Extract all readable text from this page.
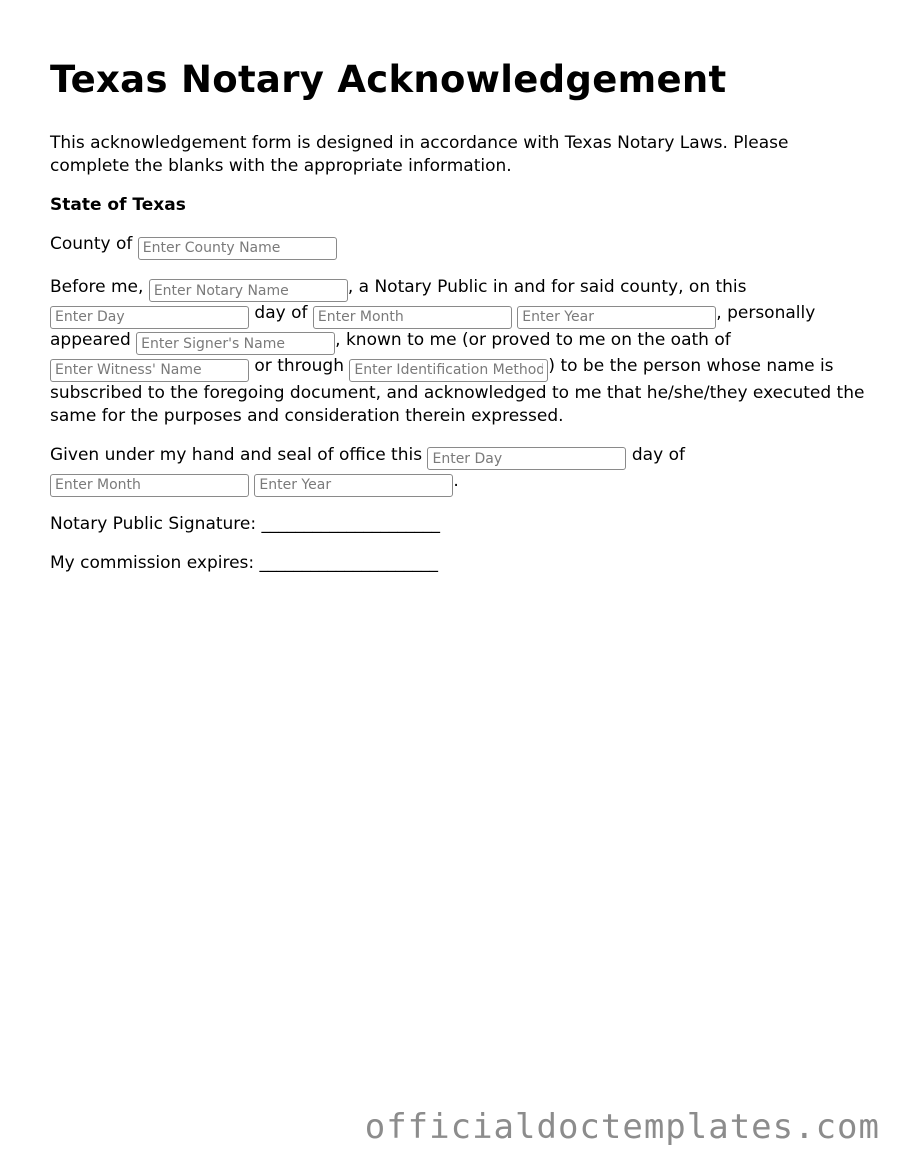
Texas Notary Acknowledgement

This acknowledgement form is designed in accordance with Texas Notary Laws. Please complete the blanks with the appropriate information.

State of Texas

County of Enter County Name

Before me, Enter Notary Name	, a Notary Public in and for said county, on this Enter Day day of Enter Month Enter Year	, personally appeared Enter Signer's Name	, known to me (or proved to me on the oath of Enter Witness' Name or through Enter Identification Method	) to be the person whose name is subscribed to the foregoing document, and acknowledged to me that he/she/they executed the same for the purposes and consideration therein expressed.

Given under my hand and seal of office this Enter Day	day of Enter Month Enter Year.

Notary Public Signature: _____________________

My commission expires: _____________________

officialdoctemplates.com
